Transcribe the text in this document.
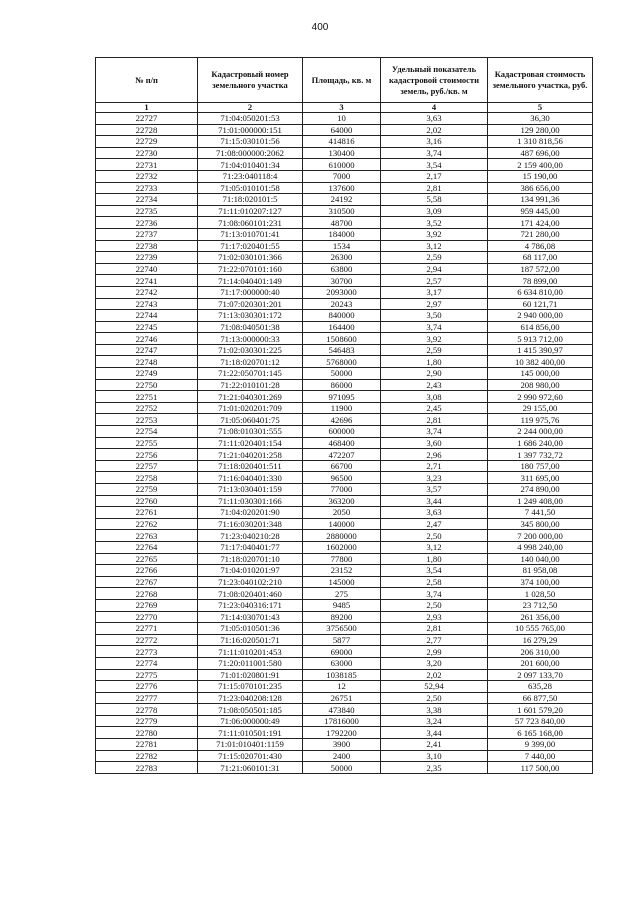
400
№ п/п	Кадастровый номер земельного участка	Площадь, кв. м	Удельный показатель кадастровой стоимости земель, руб./кв. м	Кадастровая стоимость земельного участка, руб.
1	2	3	4	5
22727	71:04:050201:53	10	3,63	36,30
22728	71:01:000000:151	64000	2,02	129 280,00
22729	71:15:030101:56	414816	3,16	1 310 818,56
22730	71:08:000000:2062	130400	3,74	487 696,00
22731	71:04:010401:34	610000	3,54	2 159 400,00
22732	71:23:040118:4	7000	2,17	15 190,00
22733	71:05:010101:58	137600	2,81	386 656,00
22734	71:18:020101:5	24192	5,58	134 991,36
22735	71:11:010207:127	310500	3,09	959 445,00
22736	71:08:060101:231	48700	3,52	171 424,00
22737	71:13:010701:41	184000	3,92	721 280,00
22738	71:17:020401:55	1534	3,12	4 786,08
22739	71:02:030101:366	26300	2,59	68 117,00
22740	71:22:070101:160	63800	2,94	187 572,00
22741	71:14:040401:149	30700	2,57	78 899,00
22742	71:17:000000:40	2093000	3,17	6 634 810,00
22743	71:07:020301:201	20243	2,97	60 121,71
22744	71:13:030301:172	840000	3,50	2 940 000,00
22745	71:08:040501:38	164400	3,74	614 856,00
22746	71:13:000000:33	1508600	3,92	5 913 712,00
22747	71:02:030301:225	546483	2,59	1 415 390,97
22748	71:18:020701:12	5768000	1,80	10 382 400,00
22749	71:22:050701:145	50000	2,90	145 000,00
22750	71:22:010101:28	86000	2,43	208 980,00
22751	71:21:040301:269	971095	3,08	2 990 972,60
22752	71:01:020201:709	11900	2,45	29 155,00
22753	71:05:060401:75	42696	2,81	119 975,76
22754	71:08:010301:555	600000	3,74	2 244 000,00
22755	71:11:020401:154	468400	3,60	1 686 240,00
22756	71:21:040201:258	472207	2,96	1 397 732,72
22757	71:18:020401:511	66700	2,71	180 757,00
22758	71:16:040401:330	96500	3,23	311 695,00
22759	71:13:030401:159	77000	3,57	274 890,00
22760	71:11:030301:166	363200	3,44	1 249 408,00
22761	71:04:020201:90	2050	3,63	7 441,50
22762	71:16:030201:348	140000	2,47	345 800,00
22763	71:23:040210:28	2880000	2,50	7 200 000,00
22764	71:17:040401:77	1602000	3,12	4 998 240,00
22765	71:18:020701:10	77800	1,80	140 040,00
22766	71:04:010201:97	23152	3,54	81 958,08
22767	71:23:040102:210	145000	2,58	374 100,00
22768	71:08:020401:460	275	3,74	1 028,50
22769	71:23:040316:171	9485	2,50	23 712,50
22770	71:14:030701:43	89200	2,93	261 356,00
22771	71:05:010501:36	3756500	2,81	10 555 765,00
22772	71:16:020501:71	5877	2,77	16 279,29
22773	71:11:010201:453	69000	2,99	206 310,00
22774	71:20:011001:580	63000	3,20	201 600,00
22775	71:01:020801:91	1038185	2,02	2 097 133,70
22776	71:15:070101:235	12	52,94	635,28
22777	71:23:040208:128	26751	2,50	66 877,50
22778	71:08:050501:185	473840	3,38	1 601 579,20
22779	71:06:000000:49	17816000	3,24	57 723 840,00
22780	71:11:010501:191	1792200	3,44	6 165 168,00
22781	71:01:010401:1159	3900	2,41	9 399,00
22782	71:15:020701:430	2400	3,10	7 440,00
22783	71:21:060101:31	50000	2,35	117 500,00
